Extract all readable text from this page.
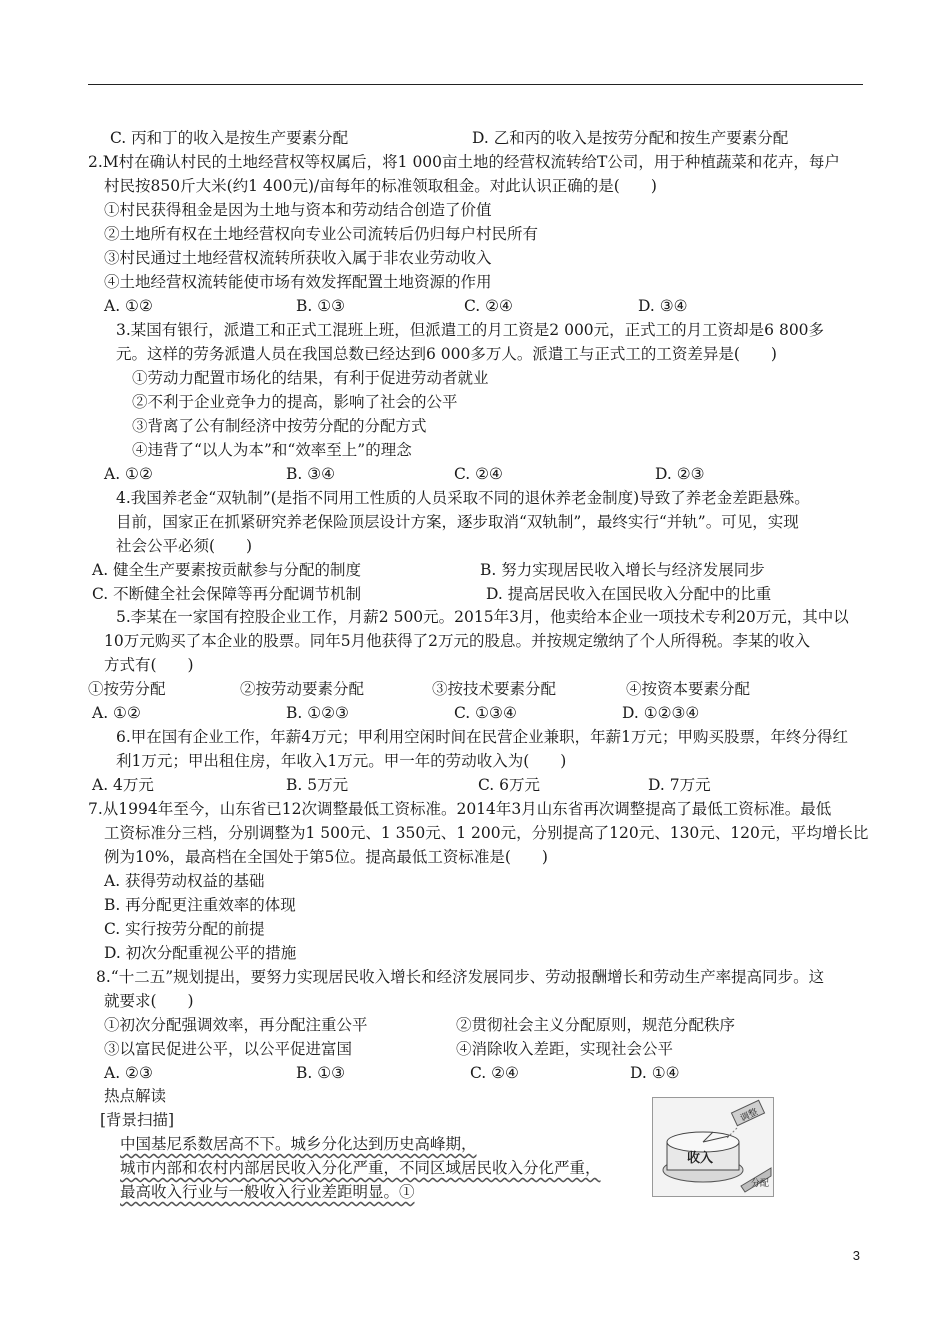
C. 丙和丁的收入是按生产要素分配	D. 乙和丙的收入是按劳分配和按生产要素分配
2.M村在确认村民的土地经营权等权属后，将1 000亩土地的经营权流转给T公司，用于种植蔬菜和花卉，每户
村民按850斤大米(约1 400元)/亩每年的标准领取租金。对此认识正确的是(　　)
①村民获得租金是因为土地与资本和劳动结合创造了价值
②土地所有权在土地经营权向专业公司流转后仍归每户村民所有
③村民通过土地经营权流转所获收入属于非农业劳动收入
④土地经营权流转能使市场有效发挥配置土地资源的作用
A. ①②	B. ①③	C. ②④	D. ③④
3.某国有银行，派遣工和正式工混班上班，但派遣工的月工资是2 000元，正式工的月工资却是6 800多
元。这样的劳务派遣人员在我国总数已经达到6 000多万人。派遣工与正式工的工资差异是(　　)
①劳动力配置市场化的结果，有利于促进劳动者就业
②不利于企业竞争力的提高，影响了社会的公平
③背离了公有制经济中按劳分配的分配方式
④违背了“以人为本”和“效率至上”的理念
A. ①②	B. ③④	C. ②④	D. ②③
4.我国养老金“双轨制”(是指不同用工性质的人员采取不同的退休养老金制度)导致了养老金差距悬殊。
目前，国家正在抓紧研究养老保险顶层设计方案，逐步取消“双轨制”，最终实行“并轨”。可见，实现
社会公平必须(　　)
A. 健全生产要素按贡献参与分配的制度	B. 努力实现居民收入增长与经济发展同步
C. 不断健全社会保障等再分配调节机制	D. 提高居民收入在国民收入分配中的比重
5.李某在一家国有控股企业工作，月薪2 500元。2015年3月，他卖给本企业一项技术专利20万元，其中以
10万元购买了本企业的股票。同年5月他获得了2万元的股息。并按规定缴纳了个人所得税。李某的收入
方式有(　　)
①按劳分配	②按劳动要素分配	③按技术要素分配	④按资本要素分配
A. ①②	B. ①②③	C. ①③④	D. ①②③④
6.甲在国有企业工作，年薪4万元；甲利用空闲时间在民营企业兼职，年薪1万元；甲购买股票，年终分得红
利1万元；甲出租住房，年收入1万元。甲一年的劳动收入为(　　)
A. 4万元	B. 5万元	C. 6万元	D. 7万元
7.从1994年至今，山东省已12次调整最低工资标准。2014年3月山东省再次调整提高了最低工资标准。最低
工资标准分三档，分别调整为1 500元、1 350元、1 200元，分别提高了120元、130元、120元，平均增长比
例为10%，最高档在全国处于第5位。提高最低工资标准是(　　)
A. 获得劳动权益的基础
B. 再分配更注重效率的体现
C. 实行按劳分配的前提
D. 初次分配重视公平的措施
8.“十二五”规划提出，要努力实现居民收入增长和经济发展同步、劳动报酬增长和劳动生产率提高同步。这
就要求(　　)
①初次分配强调效率，再分配注重公平	②贯彻社会主义分配原则，规范分配秩序
③以富民促进公平，以公平促进富国	④消除收入差距，实现社会公平
A. ②③	B. ①③	C. ②④	D. ①④
热点解读
[背景扫描]
中国基尼系数居高不下。城乡分化达到历史高峰期，
城市内部和农村内部居民收入分化严重，不同区域居民收入分化严重，
最高收入行业与一般收入行业差距明显。①
收入
调整
分配
3
